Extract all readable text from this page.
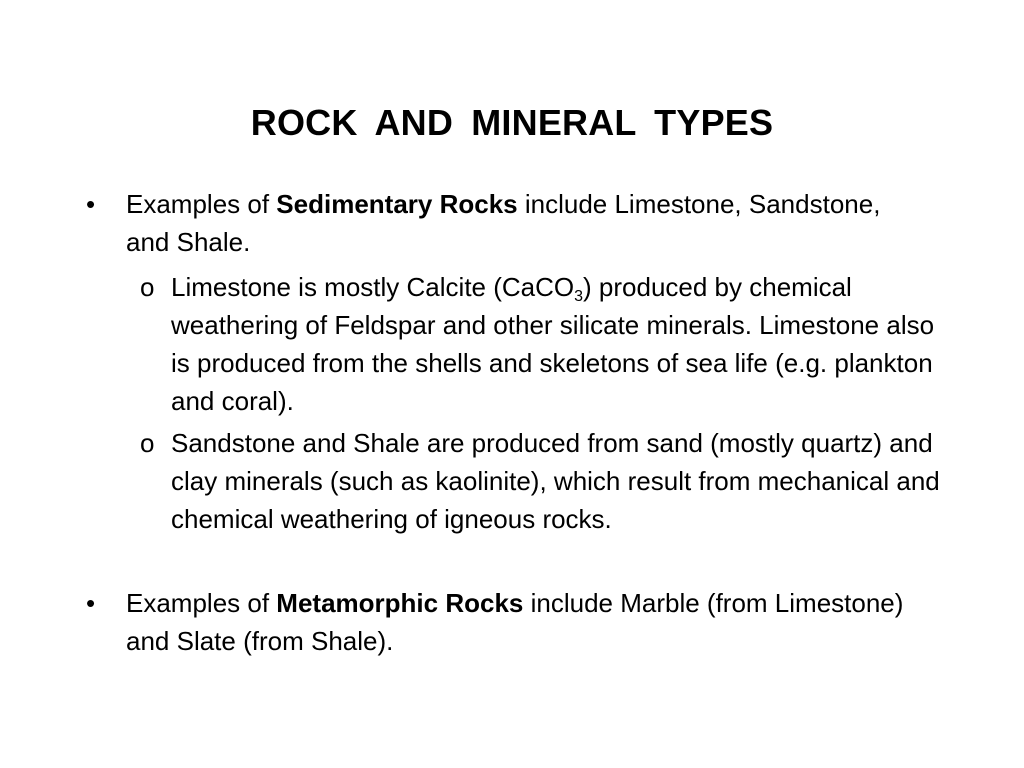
ROCK AND MINERAL TYPES
• Examples of Sedimentary Rocks include Limestone, Sandstone, and Shale.
o Limestone is mostly Calcite (CaCO$_3$) produced by chemical weathering of Feldspar and other silicate minerals. Limestone also is produced from the shells and skeletons of sea life (e.g. plankton and coral).
o Sandstone and Shale are produced from sand (mostly quartz) and clay minerals (such as kaolinite), which result from mechanical and chemical weathering of igneous rocks.
• Examples of Metamorphic Rocks include Marble (from Limestone) and Slate (from Shale).
